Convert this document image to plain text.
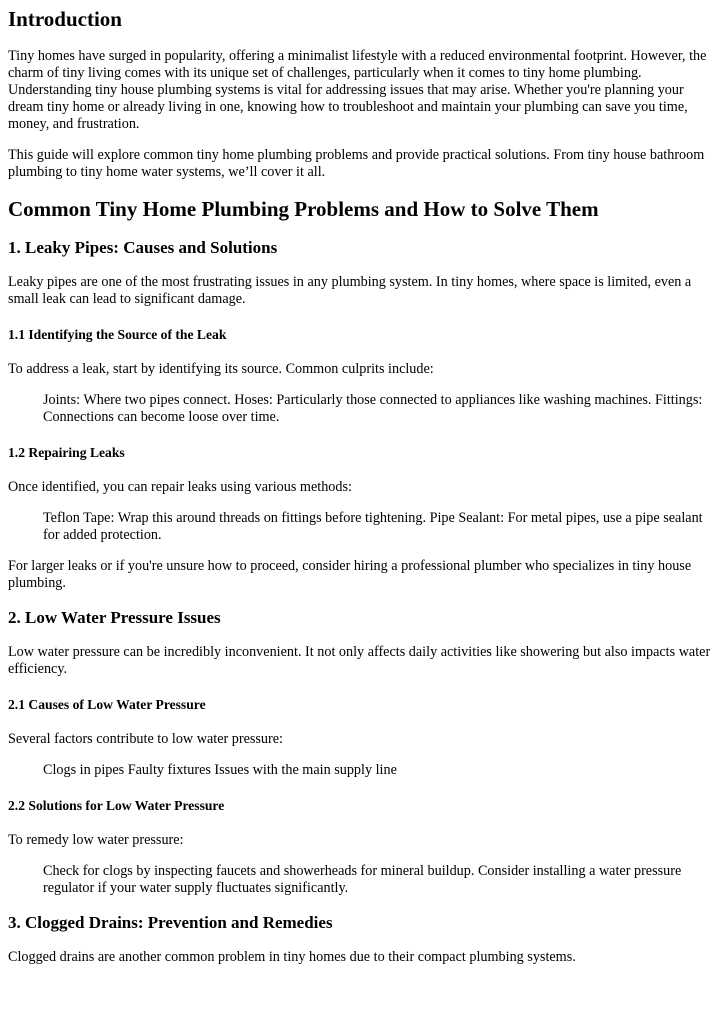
Introduction

Tiny homes have surged in popularity, offering a minimalist lifestyle with a reduced environmental footprint. However, the charm of tiny living comes with its unique set of challenges, particularly when it comes to tiny home plumbing. Understanding tiny house plumbing systems is vital for addressing issues that may arise. Whether you're planning your dream tiny home or already living in one, knowing how to troubleshoot and maintain your plumbing can save you time, money, and frustration.

This guide will explore common tiny home plumbing problems and provide practical solutions. From tiny house bathroom plumbing to tiny home water systems, we’ll cover it all.

Common Tiny Home Plumbing Problems and How to Solve Them
1. Leaky Pipes: Causes and Solutions

Leaky pipes are one of the most frustrating issues in any plumbing system. In tiny homes, where space is limited, even a small leak can lead to significant damage.

1.1 Identifying the Source of the Leak

To address a leak, start by identifying its source. Common culprits include:

Joints: Where two pipes connect. Hoses: Particularly those connected to appliances like washing machines. Fittings: Connections can become loose over time.
1.2 Repairing Leaks

Once identified, you can repair leaks using various methods:

Teflon Tape: Wrap this around threads on fittings before tightening. Pipe Sealant: For metal pipes, use a pipe sealant for added protection.

For larger leaks or if you're unsure how to proceed, consider hiring a professional plumber who specializes in tiny house plumbing.

2. Low Water Pressure Issues

Low water pressure can be incredibly inconvenient. It not only affects daily activities like showering but also impacts water efficiency.

2.1 Causes of Low Water Pressure

Several factors contribute to low water pressure:

Clogs in pipes Faulty fixtures Issues with the main supply line
2.2 Solutions for Low Water Pressure

To remedy low water pressure:

Check for clogs by inspecting faucets and showerheads for mineral buildup. Consider installing a water pressure regulator if your water supply fluctuates significantly.
3. Clogged Drains: Prevention and Remedies

Clogged drains are another common problem in tiny homes due to their compact plumbing systems.
